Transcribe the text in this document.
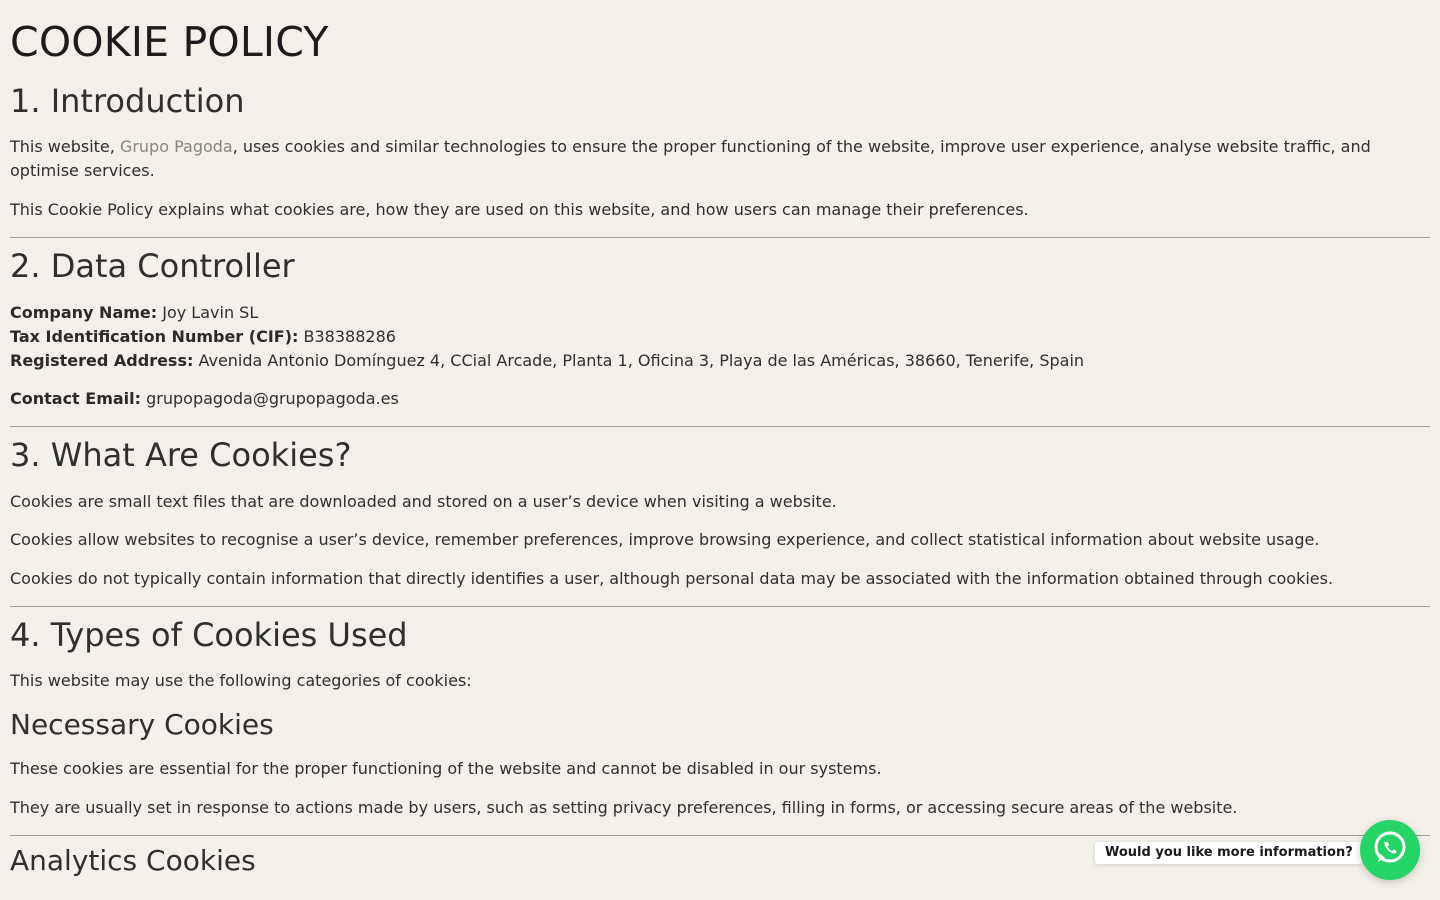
COOKIE POLICY
1. Introduction

This website, Grupo Pagoda, uses cookies and similar technologies to ensure the proper functioning of the website, improve user experience, analyse website traffic, and optimise services.

This Cookie Policy explains what cookies are, how they are used on this website, and how users can manage their preferences.

2. Data Controller

Company Name: Joy Lavin SL
Tax Identification Number (CIF): B38388286
Registered Address: Avenida Antonio Domínguez 4, CCial Arcade, Planta 1, Oficina 3, Playa de las Américas, 38660, Tenerife, Spain

Contact Email: grupopagoda@grupopagoda.es

3. What Are Cookies?

Cookies are small text files that are downloaded and stored on a user’s device when visiting a website.

Cookies allow websites to recognise a user’s device, remember preferences, improve browsing experience, and collect statistical information about website usage.

Cookies do not typically contain information that directly identifies a user, although personal data may be associated with the information obtained through cookies.

4. Types of Cookies Used

This website may use the following categories of cookies:

Necessary Cookies

These cookies are essential for the proper functioning of the website and cannot be disabled in our systems.

They are usually set in response to actions made by users, such as setting privacy preferences, filling in forms, or accessing secure areas of the website.

Analytics Cookies	Would you like more information?
